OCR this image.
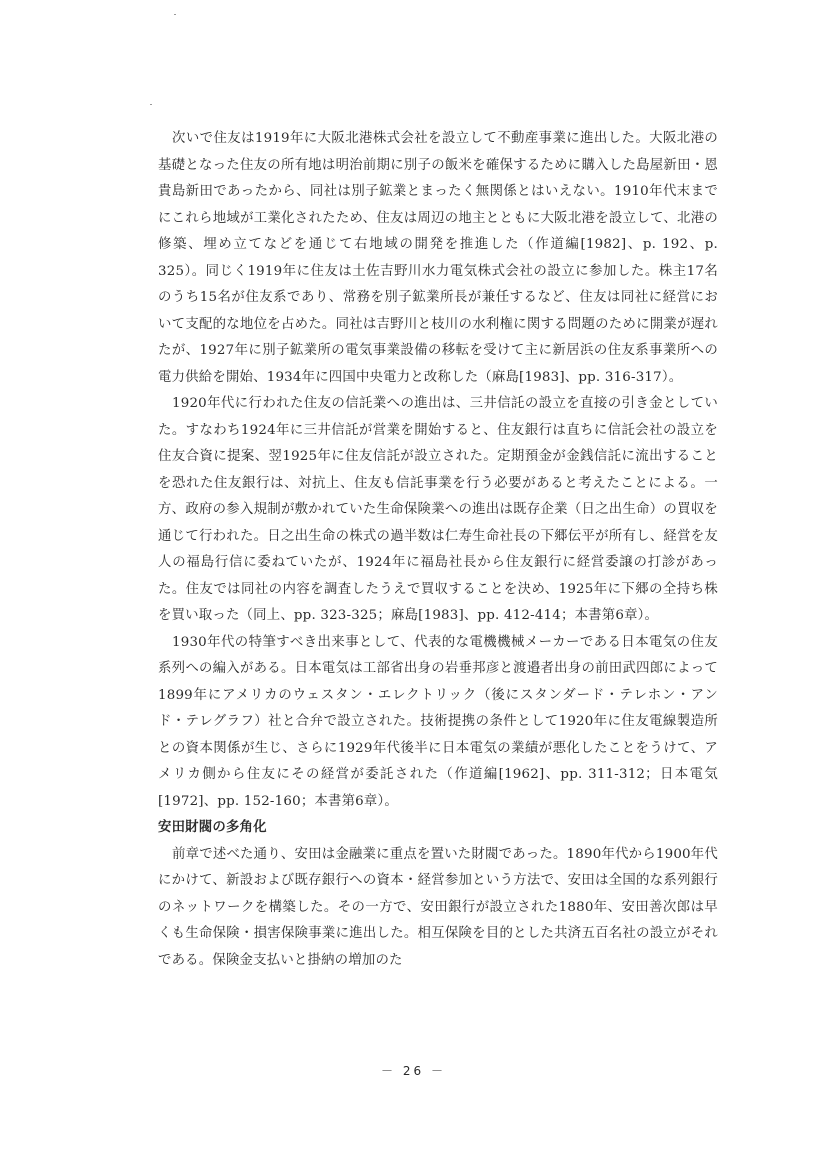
次いで住友は1919年に大阪北港株式会社を設立して不動産事業に進出した。大阪北港の基礎となった住友の所有地は明治前期に別子の飯米を確保するために購入した島屋新田・恩貴島新田であったから、同社は別子鉱業とまったく無関係とはいえない。1910年代末までにこれら地域が工業化されたため、住友は周辺の地主とともに大阪北港を設立して、北港の修築、埋め立てなどを通じて右地域の開発を推進した（作道編[1982]、p. 192、p. 325）。同じく1919年に住友は土佐吉野川水力電気株式会社の設立に参加した。株主17名のうち15名が住友系であり、常務を別子鉱業所長が兼任するなど、住友は同社に経営において支配的な地位を占めた。同社は吉野川と枝川の水利権に関する問題のために開業が遅れたが、1927年に別子鉱業所の電気事業設備の移転を受けて主に新居浜の住友系事業所への電力供給を開始、1934年に四国中央電力と改称した（麻島[1983]、pp. 316-317）。

1920年代に行われた住友の信託業への進出は、三井信託の設立を直接の引き金としていた。すなわち1924年に三井信託が営業を開始すると、住友銀行は直ちに信託会社の設立を住友合資に提案、翌1925年に住友信託が設立された。定期預金が金銭信託に流出することを恐れた住友銀行は、対抗上、住友も信託事業を行う必要があると考えたことによる。一方、政府の参入規制が敷かれていた生命保険業への進出は既存企業（日之出生命）の買収を通じて行われた。日之出生命の株式の過半数は仁寿生命社長の下郷伝平が所有し、経営を友人の福島行信に委ねていたが、1924年に福島社長から住友銀行に経営委譲の打診があった。住友では同社の内容を調査したうえで買収することを決め、1925年に下郷の全持ち株を買い取った（同上、pp. 323-325；麻島[1983]、pp. 412-414；本書第6章）。

1930年代の特筆すべき出来事として、代表的な電機機械メーカーである日本電気の住友系列への編入がある。日本電気は工部省出身の岩垂邦彦と渡邉者出身の前田武四郎によって1899年にアメリカのウェスタン・エレクトリック（後にスタンダード・テレホン・アンド・テレグラフ）社と合弁で設立された。技術提携の条件として1920年に住友電線製造所との資本関係が生じ、さらに1929年代後半に日本電気の業績が悪化したことをうけて、アメリカ側から住友にその経営が委託された（作道編[1962]、pp. 311-312；日本電気[1972]、pp. 152-160；本書第6章）。

安田財閥の多角化

前章で述べた通り、安田は金融業に重点を置いた財閥であった。1890年代から1900年代にかけて、新設および既存銀行への資本・経営参加という方法で、安田は全国的な系列銀行のネットワークを構築した。その一方で、安田銀行が設立された1880年、安田善次郎は早くも生命保険・損害保険事業に進出した。相互保険を目的とした共済五百名社の設立がそれである。保険金支払いと掛納の増加のた

－ 26 －
